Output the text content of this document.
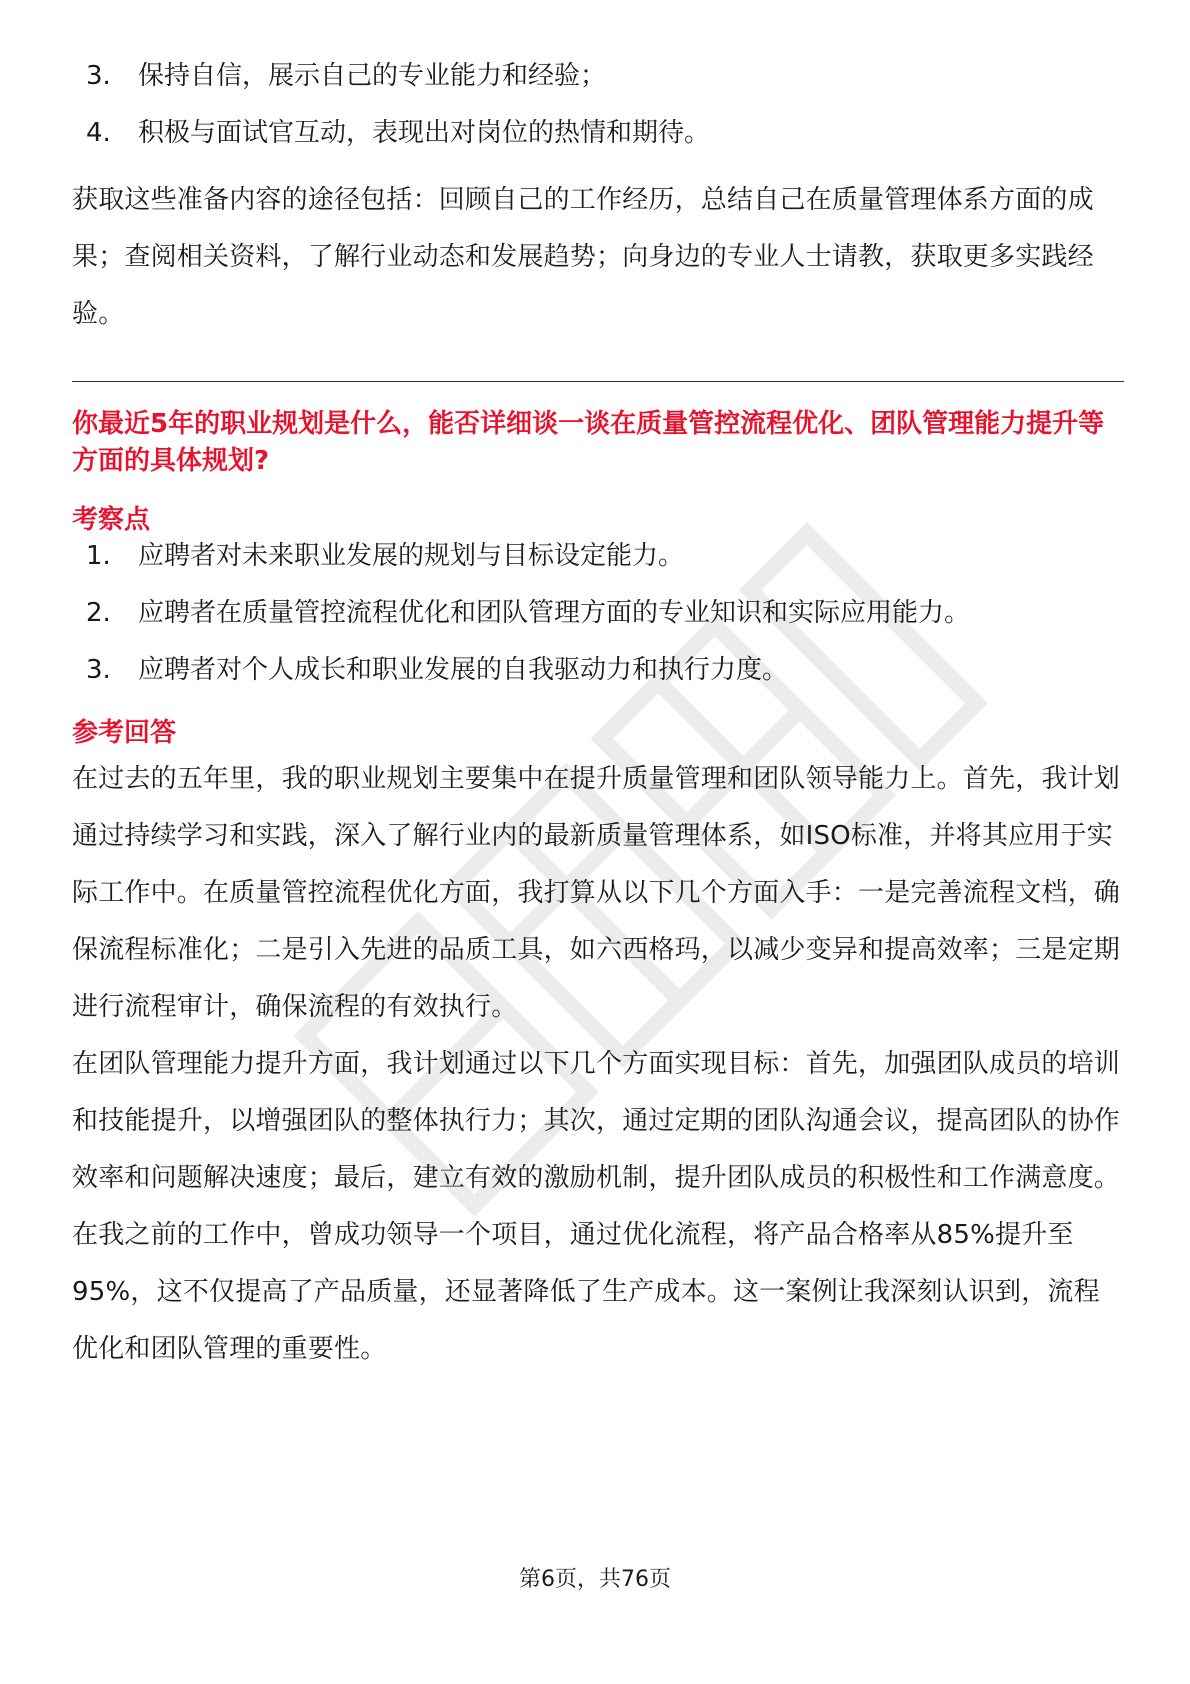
3.	保持自信，展示自己的专业能力和经验；
4.	积极与面试官互动，表现出对岗位的热情和期待。

获取这些准备内容的途径包括：回顾自己的工作经历，总结自己在质量管理体系方面的成果；查阅相关资料，了解行业动态和发展趋势；向身边的专业人士请教，获取更多实践经验。

你最近5年的职业规划是什么，能否详细谈一谈在质量管控流程优化、团队管理能力提升等方面的具体规划?

考察点

1.	应聘者对未来职业发展的规划与目标设定能力。
2.	应聘者在质量管控流程优化和团队管理方面的专业知识和实际应用能力。
3.	应聘者对个人成长和职业发展的自我驱动力和执行力度。

参考回答

在过去的五年里，我的职业规划主要集中在提升质量管理和团队领导能力上。首先，我计划通过持续学习和实践，深入了解行业内的最新质量管理体系，如ISO标准，并将其应用于实际工作中。在质量管控流程优化方面，我打算从以下几个方面入手：一是完善流程文档，确保流程标准化；二是引入先进的品质工具，如六西格玛，以减少变异和提高效率；三是定期进行流程审计，确保流程的有效执行。

在团队管理能力提升方面，我计划通过以下几个方面实现目标：首先，加强团队成员的培训和技能提升，以增强团队的整体执行力；其次，通过定期的团队沟通会议，提高团队的协作效率和问题解决速度；最后，建立有效的激励机制，提升团队成员的积极性和工作满意度。

在我之前的工作中，曾成功领导一个项目，通过优化流程，将产品合格率从85%提升至95%，这不仅提高了产品质量，还显著降低了生产成本。这一案例让我深刻认识到，流程优化和团队管理的重要性。

第6页，共76页
